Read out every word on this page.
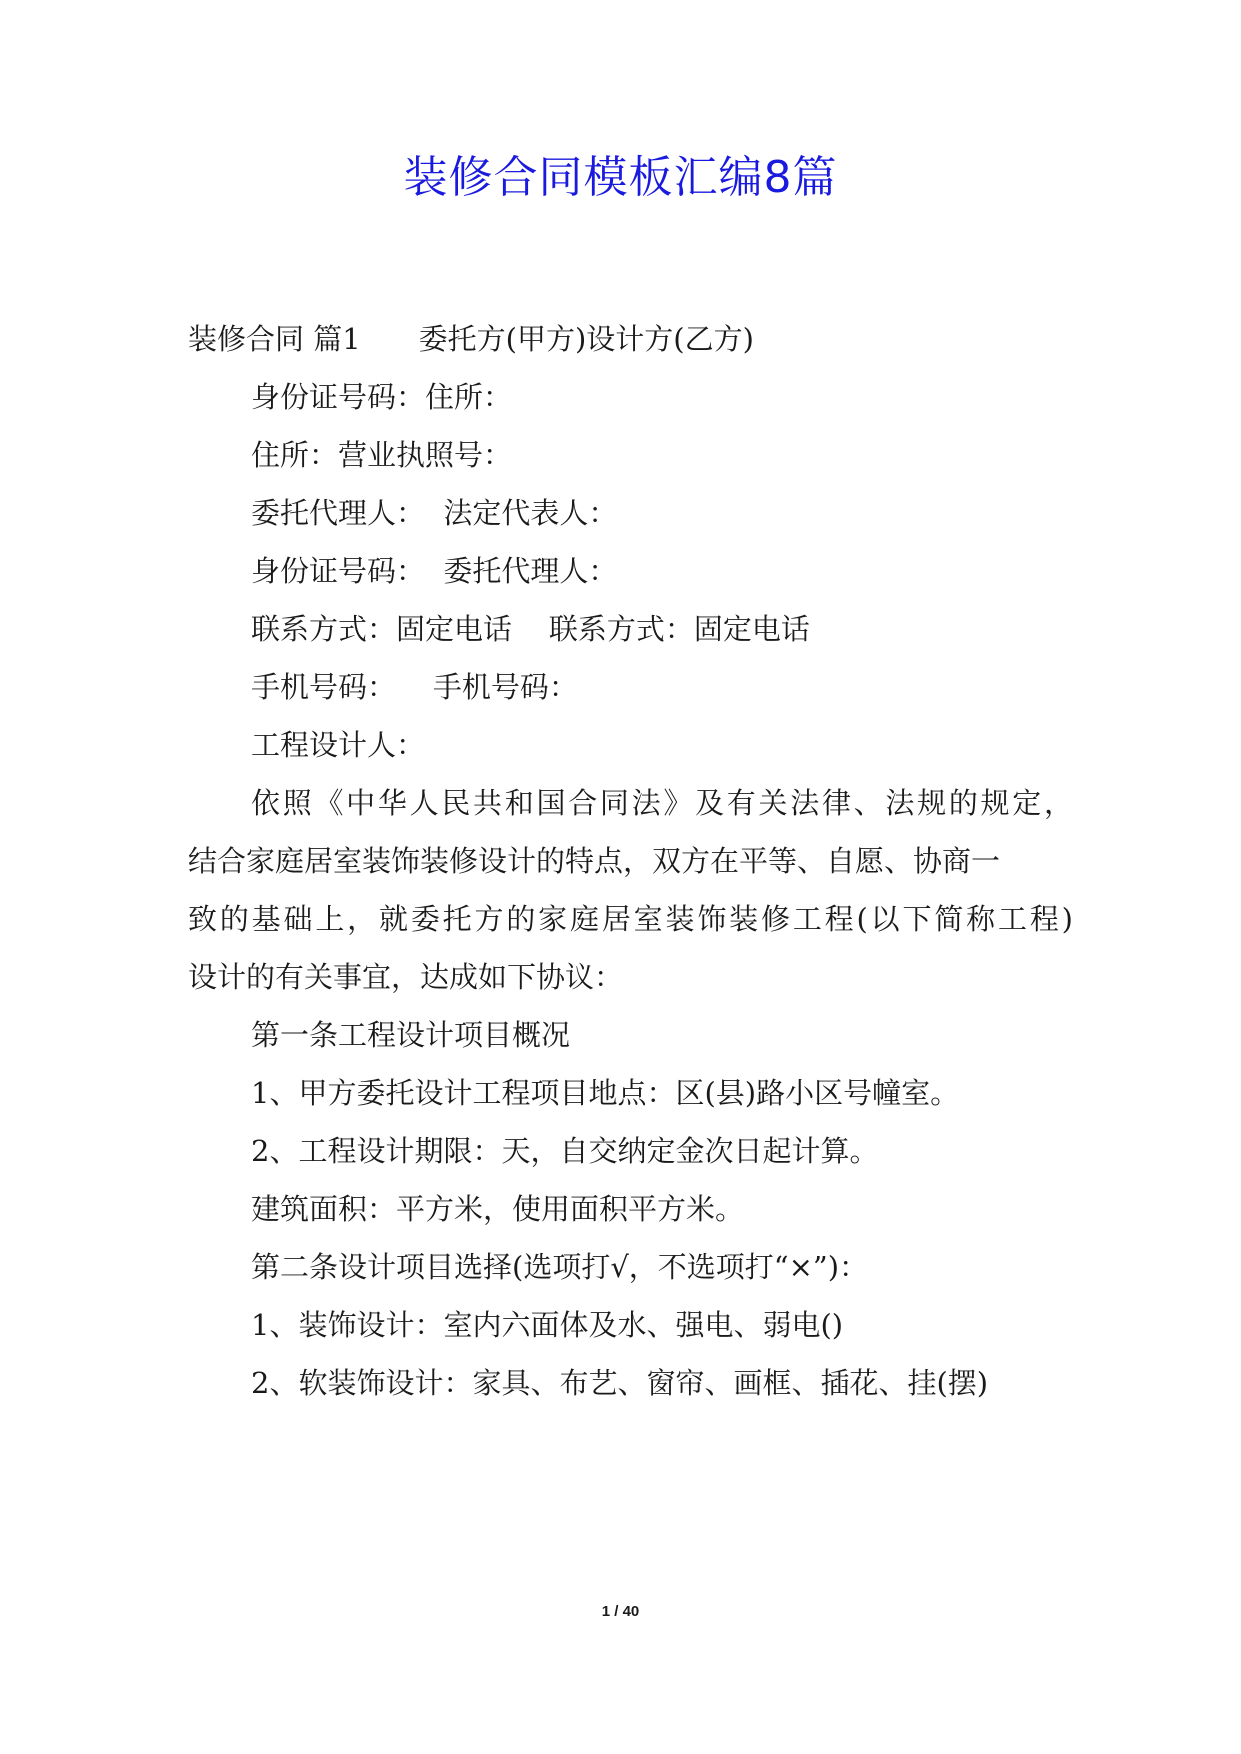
装修合同模板汇编8篇
装修合同 篇1　　委托方(甲方)设计方(乙方)
身份证号码：住所：
住所：营业执照号：
委托代理人：  法定代表人：
身份证号码：  委托代理人：
联系方式：固定电话    联系方式：固定电话
手机号码：    手机号码：
工程设计人：
依照《中华人民共和国合同法》及有关法律、法规的规定，
结合家庭居室装饰装修设计的特点，双方在平等、自愿、协商一
致的基础上，就委托方的家庭居室装饰装修工程(以下简称工程)
设计的有关事宜，达成如下协议：
第一条工程设计项目概况
1、甲方委托设计工程项目地点：区(县)路小区号幢室。
2、工程设计期限：天，自交纳定金次日起计算。
建筑面积：平方米，使用面积平方米。
第二条设计项目选择(选项打√，不选项打“×”)：
1、装饰设计：室内六面体及水、强电、弱电()
2、软装饰设计：家具、布艺、窗帘、画框、插花、挂(摆)
1 / 40
